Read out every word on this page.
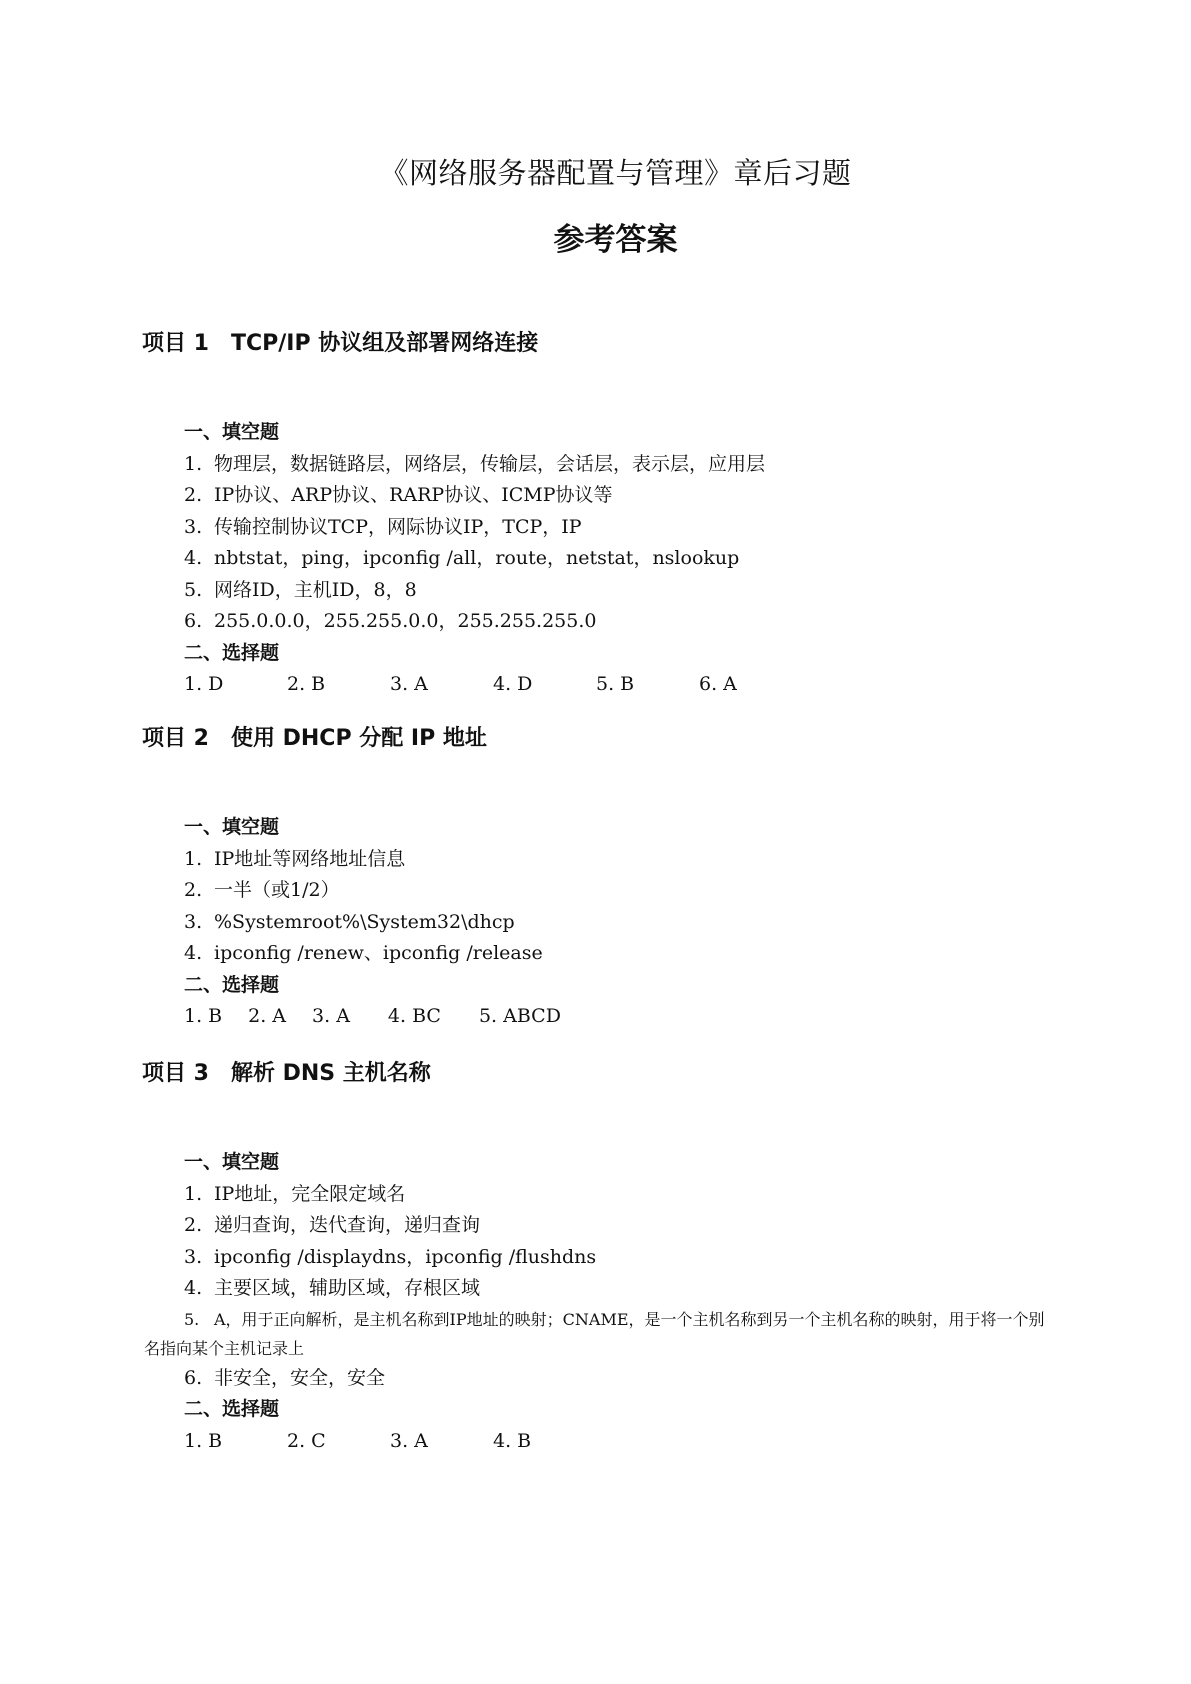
《网络服务器配置与管理》章后习题
参考答案
项目 1 TCP/IP 协议组及部署网络连接
一、填空题
1. 物理层，数据链路层，网络层，传输层，会话层，表示层，应用层
2. IP协议、ARP协议、RARP协议、ICMP协议等
3. 传输控制协议TCP，网际协议IP，TCP，IP
4. nbtstat，ping，ipconfig /all，route，netstat，nslookup
5. 网络ID，主机ID，8，8
6. 255.0.0.0，255.255.0.0，255.255.255.0
二、选择题
1. D	2. B	3. A	4. D	5. B	6. A
项目 2 使用 DHCP 分配 IP 地址
一、填空题
1. IP地址等网络地址信息
2. 一半（或1/2）
3. %Systemroot%\System32\dhcp
4. ipconfig /renew、ipconfig /release
二、选择题
1. B 2. A 3. A 4. BC 5. ABCD
项目 3 解析 DNS 主机名称
一、填空题
1. IP地址，完全限定域名
2. 递归查询，迭代查询，递归查询
3. ipconfig /displaydns，ipconfig /flushdns
4. 主要区域，辅助区域，存根区域
5. A，用于正向解析，是主机名称到IP地址的映射；CNAME，是一个主机名称到另一个主机名称的映射，用于将一个别名指向某个主机记录上
6. 非安全，安全，安全
二、选择题
1. B	2. C	3. A	4. B
